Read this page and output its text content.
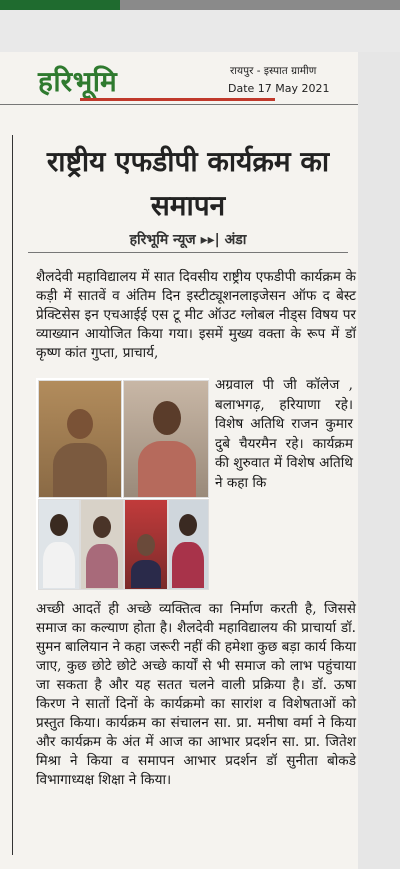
हरिभूमि	रायपुर - इस्पात ग्रामीण
Date 17 May 2021
राष्ट्रीय एफडीपी कार्यक्रम का समापन
हरिभूमि न्यूज ▸▸| अंडा
शैलदेवी महाविद्यालय में सात दिवसीय राष्ट्रीय एफडीपी कार्यक्रम के कड़ी में सातवें व अंतिम दिन इस्टीट्यूशनलाइजेसन ऑफ द बेस्ट प्रेक्टिसेस इन एचआईई एस टू मीट ऑउट ग्लोबल नीड्स विषय पर व्याख्यान आयोजित किया गया। इसमें मुख्य वक्ता के रूप में डॉ कृष्ण कांत गुप्ता, प्राचार्य,
अग्रवाल पी जी कॉलेज , बलाभगढ़, हरियाणा रहे। विशेष अतिथि राजन कुमार दुबे चैयरमैन रहे। कार्यक्रम की शुरुवात में विशेष अतिथि ने कहा कि
अच्छी आदतें ही अच्छे व्यक्तित्व का निर्माण करती है, जिससे समाज का कल्याण होता है। शैलदेवी महाविद्यालय की प्राचार्या डॉ. सुमन बालियान ने कहा जरूरी नहीं की हमेशा कुछ बड़ा कार्य किया जाए, कुछ छोटे छोटे अच्छे कार्यों से भी समाज को लाभ पहुंचाया जा सकता है और यह सतत चलने वाली प्रक्रिया है। डॉ. ऊषा किरण ने सातों दिनों के कार्यक्रमो का सारांश व विशेषताओं को प्रस्तुत किया। कार्यक्रम का संचालन सा. प्रा. मनीषा वर्मा ने किया और कार्यक्रम के अंत में आज का आभार प्रदर्शन सा. प्रा. जितेश मिश्रा ने किया व समापन आभार प्रदर्शन डॉ सुनीता बोकडे विभागाध्यक्ष शिक्षा ने किया।
